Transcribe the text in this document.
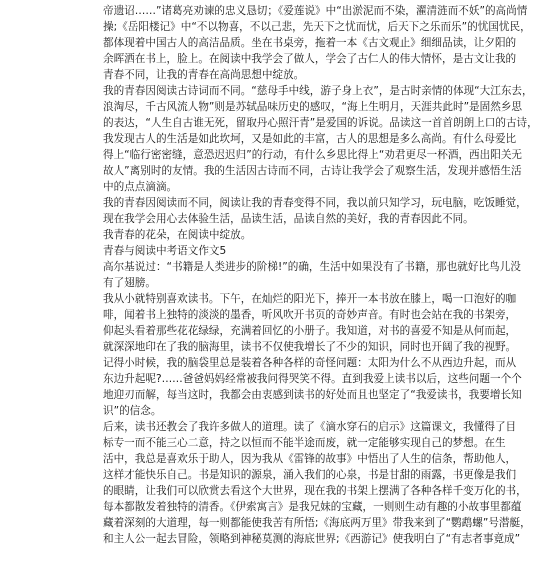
帝遗诏……”诸葛亮劝谏的忠义恳切；《爱莲说》中“出淤泥而不染，濯清涟而不妖”的高尚情
操;《岳阳楼记》中“不以物喜，不以己悲，先天下之忧而忧，后天下之乐而乐”的忧国忧民，
都体现着中国古人的高洁品质。坐在书桌旁，拖着一本《古文观止》细细品读，让夕阳的
余晖洒在书上，脸上。在阅读中我学会了做人，学会了古仁人的伟大情怀，是古文让我的
青春不同，让我的青春在高尚思想中绽放。
我的青春因阅读古诗词而不同。“慈母手中线，游子身上衣”，是古时亲情的体现“大江东去，
浪淘尽，千古风流人物”则是苏轼品味历史的感叹，“海上生明月，天涯共此时”是固然乡思
的表达，“人生自古谁无死，留取丹心照汗青”是爱国的诉说。品读这一首首朗朗上口的古诗，
我发现古人的生活是如此坎坷，又是如此的丰富，古人的思想是多么高尚。有什么母爱比
得上“临行密密缝，意恐迟迟归”的行动，有什么乡思比得上“劝君更尽一杯酒，西出阳关无
故人”离别时的友情。我的生活因古诗而不同，古诗让我学会了观察生活，发现并感悟生活
中的点点滴滴。
我的青春因阅读而不同，阅读让我的青春变得不同，我以前只知学习，玩电脑，吃饭睡觉，
现在我学会用心去体验生活，品读生活，品读自然的美好，我的青春因此不同。
我青春的花朵，在阅读中绽放。
青春与阅读中考语文作文5
高尔基说过：“书籍是人类进步的阶梯!”的确，生活中如果没有了书籍，那也就好比鸟儿没
有了翅膀。
我从小就特别喜欢读书。下午，在灿烂的阳光下，捧开一本书放在膝上，喝一口泡好的咖
啡，闻着书上独特的淡淡的墨香，听风吹开书页的奇妙声音。有时也会站在我的书架旁，
仰起头看着那些花花绿绿，充满着回忆的小册子。我知道，对书的喜爱不知是从何而起，
就深深地印在了我的脑海里，读书不仅使我增长了不少的知识，同时也开阔了我的视野。
记得小时候，我的脑袋里总是装着各种各样的奇怪问题：太阳为什么不从西边升起，而从
东边升起呢?……爸爸妈妈经常被我问得哭笑不得。直到我爱上读书以后，这些问题一个个
地迎刃而解，每当这时，我都会由衷感到读书的好处而且也坚定了“我爱读书，我要增长知
识”的信念。
后来，读书还教会了我许多做人的道理。读了《滴水穿石的启示》这篇课文，我懂得了目
标专一而不能三心二意，持之以恒而不能半途而废，就一定能够实现自己的梦想。在生
活中，我总是喜欢乐于助人，因为我从《雷锋的故事》中悟出了人生的信条，帮助他人，
这样才能快乐自己。书是知识的源泉，涌入我们的心泉，书是甘甜的雨露，书更像是我们
的眼睛，让我们可以欣赏去看这个大世界，现在我的书架上摆满了各种各样千变万化的书，
每本都散发着独特的清香。《伊索寓言》是我兄妹的宝藏，一则则生动有趣的小故事里都蕴
藏着深刻的大道理，每一则都能使我苦有所悟;《海底两万里》带我来到了“鹦鹉螺”号潜艇，
和主人公一起去冒险，领略到神秘莫测的海底世界;《西游记》使我明白了“有志者事竟成”
